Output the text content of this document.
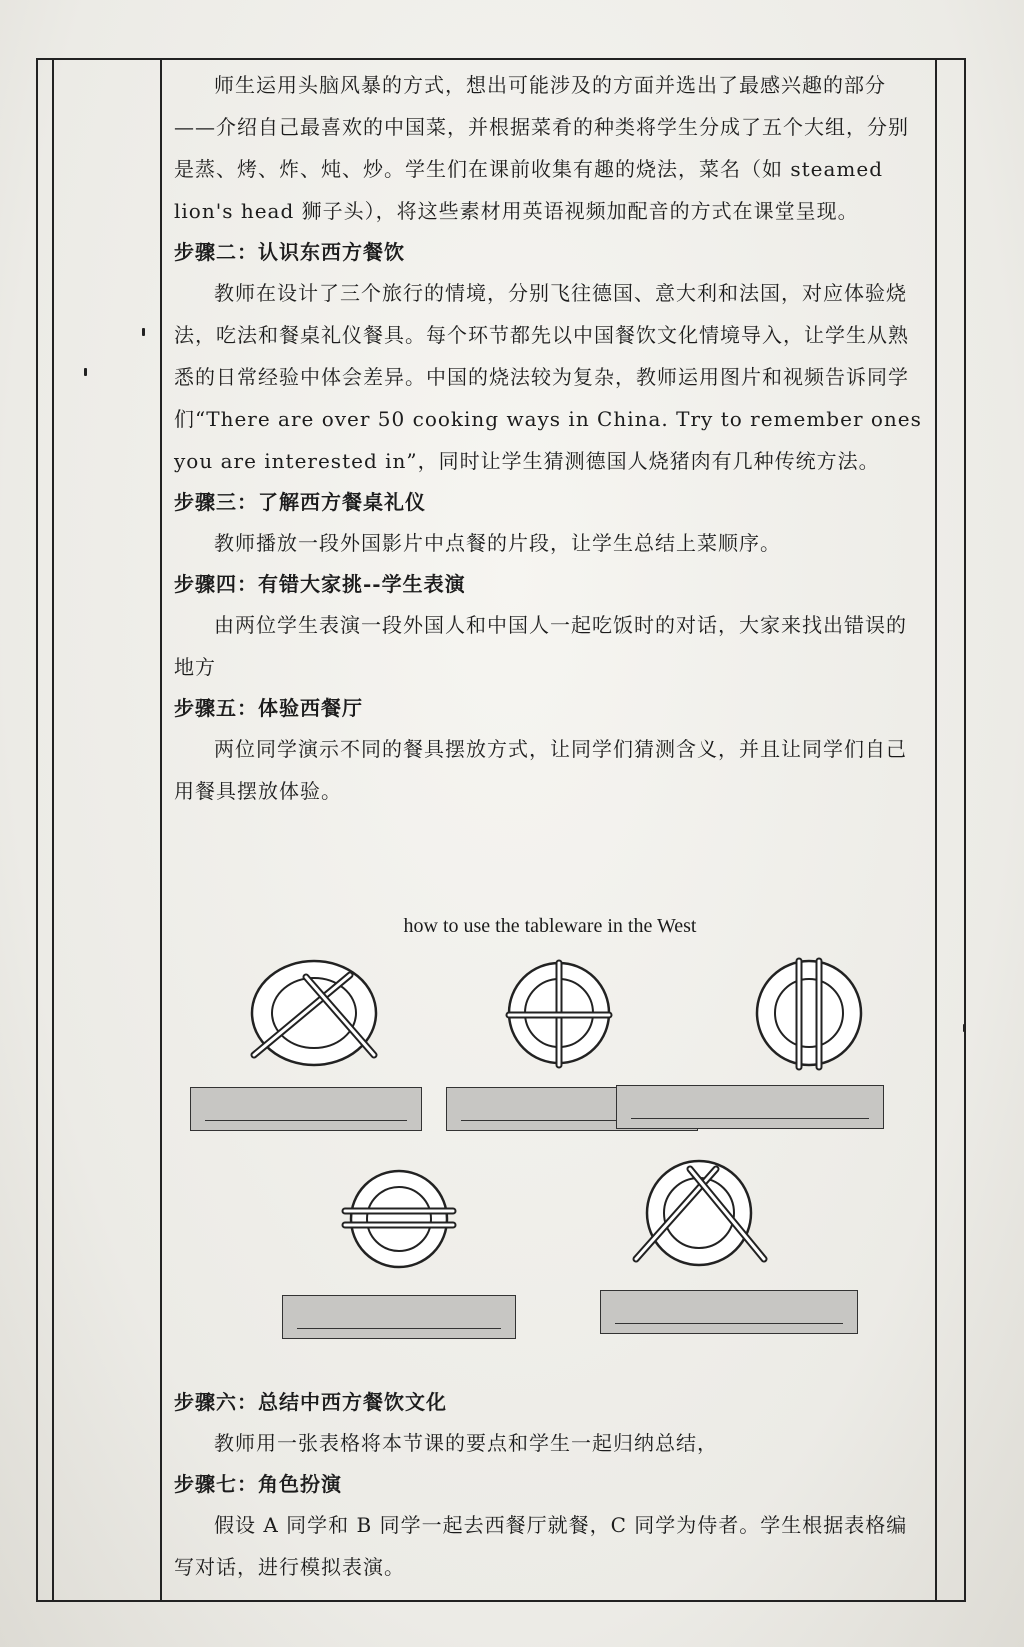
师生运用头脑风暴的方式，想出可能涉及的方面并选出了最感兴趣的部分——介绍自己最喜欢的中国菜，并根据菜肴的种类将学生分成了五个大组，分别是蒸、烤、炸、炖、炒。学生们在课前收集有趣的烧法，菜名（如 steamed lion's head 狮子头），将这些素材用英语视频加配音的方式在课堂呈现。

步骤二：认识东西方餐饮

教师在设计了三个旅行的情境，分别飞往德国、意大利和法国，对应体验烧法，吃法和餐桌礼仪餐具。每个环节都先以中国餐饮文化情境导入，让学生从熟悉的日常经验中体会差异。中国的烧法较为复杂，教师运用图片和视频告诉同学们“There are over 50 cooking ways in China. Try to remember ones you are interested in”，同时让学生猜测德国人烧猪肉有几种传统方法。

步骤三：了解西方餐桌礼仪

教师播放一段外国影片中点餐的片段，让学生总结上菜顺序。

步骤四：有错大家挑--学生表演

由两位学生表演一段外国人和中国人一起吃饭时的对话，大家来找出错误的地方

步骤五：体验西餐厅

两位同学演示不同的餐具摆放方式，让同学们猜测含义，并且让同学们自己用餐具摆放体验。

how to use the tableware in the West

步骤六：总结中西方餐饮文化

教师用一张表格将本节课的要点和学生一起归纳总结，

步骤七：角色扮演

假设 A 同学和 B 同学一起去西餐厅就餐，C 同学为侍者。学生根据表格编写对话，进行模拟表演。
